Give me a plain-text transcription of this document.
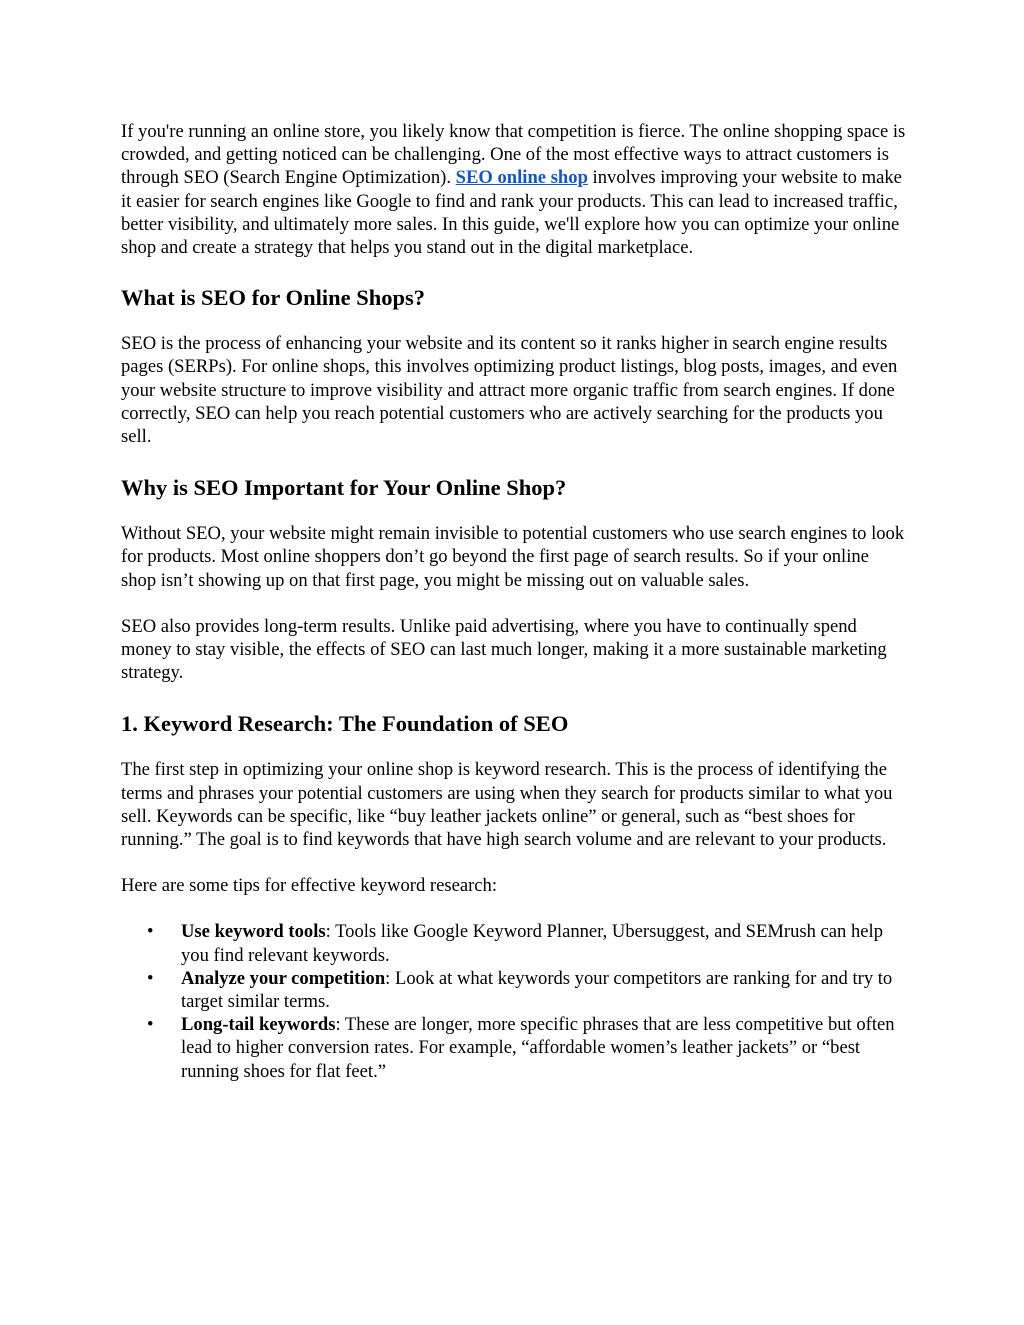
If you're running an online store, you likely know that competition is fierce. The online shopping space is crowded, and getting noticed can be challenging. One of the most effective ways to attract customers is through SEO (Search Engine Optimization). SEO online shop involves improving your website to make it easier for search engines like Google to find and rank your products. This can lead to increased traffic, better visibility, and ultimately more sales. In this guide, we'll explore how you can optimize your online shop and create a strategy that helps you stand out in the digital marketplace.

What is SEO for Online Shops?

SEO is the process of enhancing your website and its content so it ranks higher in search engine results pages (SERPs). For online shops, this involves optimizing product listings, blog posts, images, and even your website structure to improve visibility and attract more organic traffic from search engines. If done correctly, SEO can help you reach potential customers who are actively searching for the products you sell.

Why is SEO Important for Your Online Shop?

Without SEO, your website might remain invisible to potential customers who use search engines to look for products. Most online shoppers don’t go beyond the first page of search results. So if your online shop isn’t showing up on that first page, you might be missing out on valuable sales.

SEO also provides long-term results. Unlike paid advertising, where you have to continually spend money to stay visible, the effects of SEO can last much longer, making it a more sustainable marketing strategy.

1. Keyword Research: The Foundation of SEO

The first step in optimizing your online shop is keyword research. This is the process of identifying the terms and phrases your potential customers are using when they search for products similar to what you sell. Keywords can be specific, like “buy leather jackets online” or general, such as “best shoes for running.” The goal is to find keywords that have high search volume and are relevant to your products.

Here are some tips for effective keyword research:

• Use keyword tools: Tools like Google Keyword Planner, Ubersuggest, and SEMrush can help you find relevant keywords.
• Analyze your competition: Look at what keywords your competitors are ranking for and try to target similar terms.
• Long-tail keywords: These are longer, more specific phrases that are less competitive but often lead to higher conversion rates. For example, “affordable women’s leather jackets” or “best running shoes for flat feet.”
